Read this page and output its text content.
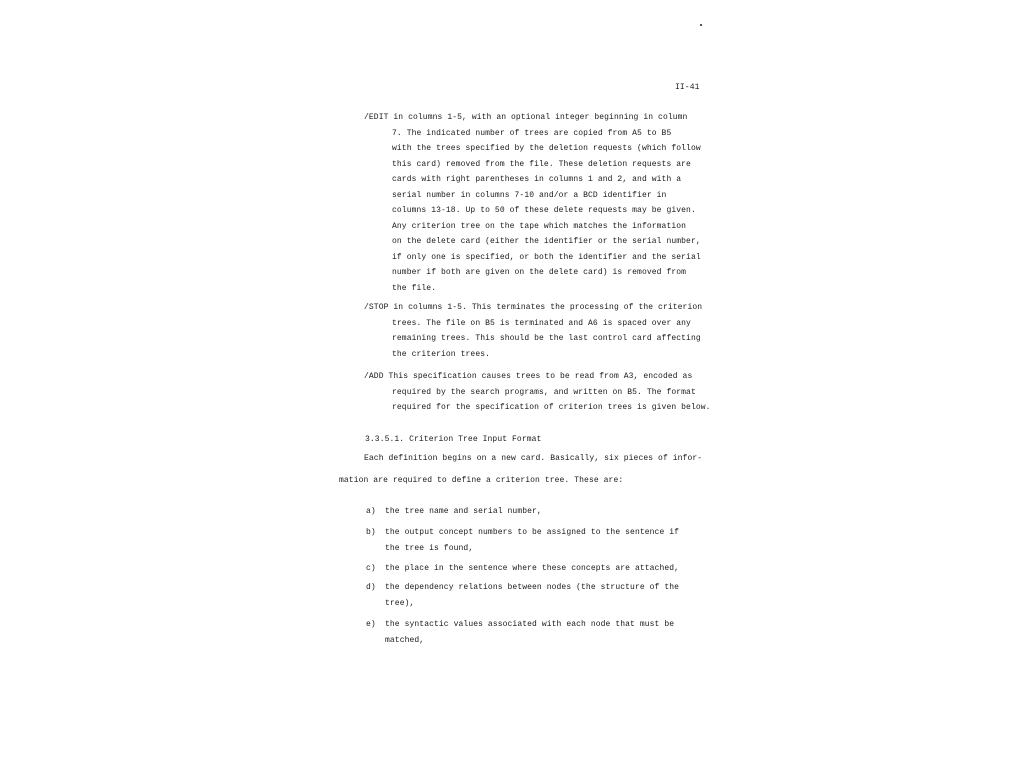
II-41
/EDIT in columns 1-5, with an optional integer beginning in column
7. The indicated number of trees are copied from A5 to B5
with the trees specified by the deletion requests (which follow
this card) removed from the file. These deletion requests are
cards with right parentheses in columns 1 and 2, and with a
serial number in columns 7-10 and/or a BCD identifier in
columns 13-18. Up to 50 of these delete requests may be given.
Any criterion tree on the tape which matches the information
on the delete card (either the identifier or the serial number,
if only one is specified, or both the identifier and the serial
number if both are given on the delete card) is removed from
the file.
/STOP in columns 1-5. This terminates the processing of the criterion
trees. The file on B5 is terminated and A6 is spaced over any
remaining trees. This should be the last control card affecting
the criterion trees.
/ADD This specification causes trees to be read from A3, encoded as
required by the search programs, and written on B5. The format
required for the specification of criterion trees is given below.
3.3.5.1. Criterion Tree Input Format
Each definition begins on a new card. Basically, six pieces of infor-
mation are required to define a criterion tree. These are:
a)	the tree name and serial number,
b)	the output concept numbers to be assigned to the sentence if
the tree is found,
c)	the place in the sentence where these concepts are attached,
d)	the dependency relations between nodes (the structure of the
tree),
e)	the syntactic values associated with each node that must be
matched,
